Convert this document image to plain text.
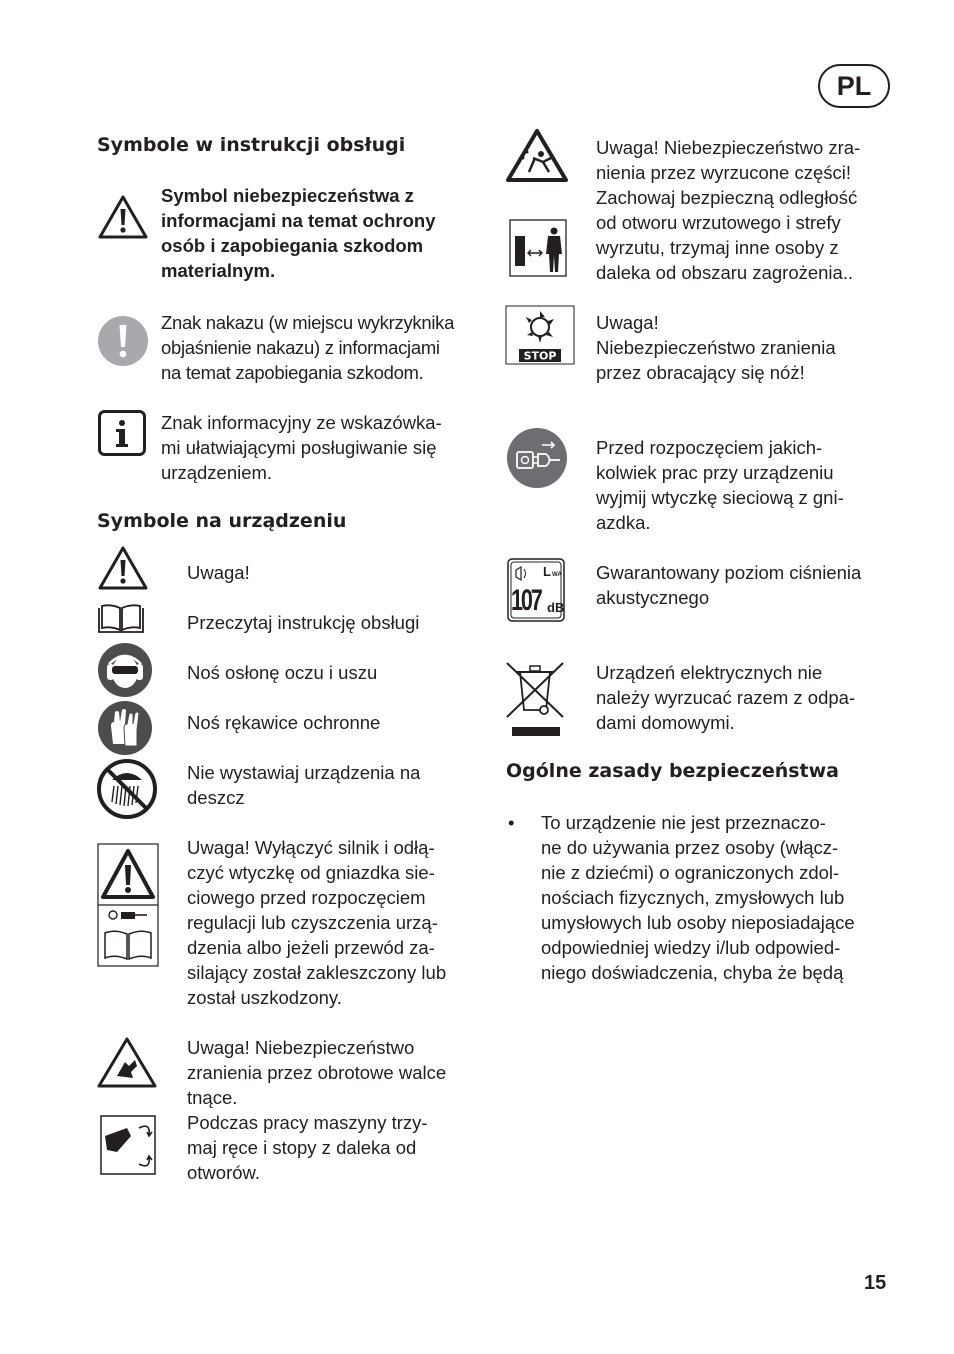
PL
Symbole w instrukcji obsługi
Symbol niebezpieczeństwa z
informacjami na temat ochrony
osób i zapobiegania szkodom
materialnym.
Znak nakazu (w miejscu wykrzyknika
objaśnienie nakazu) z informacjami
na temat zapobiegania szkodom.
Znak informacyjny ze wskazówka-
mi ułatwiającymi posługiwanie się
urządzeniem.
Symbole na urządzeniu
Uwaga!
Przeczytaj instrukcję obsługi
Noś osłonę oczu i uszu
Noś rękawice ochronne
Nie wystawiaj urządzenia na
deszcz
Uwaga! Wyłączyć silnik i odłą-
czyć wtyczkę od gniazdka sie-
ciowego przed rozpoczęciem
regulacji lub czyszczenia urzą-
dzenia albo jeżeli przewód za-
silający został zakleszczony lub
został uszkodzony.
Uwaga! Niebezpieczeństwo
zranienia przez obrotowe walce
tnące.
Podczas pracy maszyny trzy-
maj ręce i stopy z daleka od
otworów.
Uwaga! Niebezpieczeństwo zra-
nienia przez wyrzucone części!
Zachowaj bezpieczną odległość
od otworu wrzutowego i strefy
wyrzutu, trzymaj inne osoby z
daleka od obszaru zagrożenia..
STOP
Uwaga!
Niebezpieczeństwo zranienia
przez obracający się nóż!
Przed rozpoczęciem jakich-
kolwiek prac przy urządzeniu
wyjmij wtyczkę sieciową z gni-
azdka.
L WA
107 dB
Gwarantowany poziom ciśnienia
akustycznego
Urządzeń elektrycznych nie
należy wyrzucać razem z odpa-
dami domowymi.
Ogólne zasady bezpieczeństwa
• To urządzenie nie jest przeznaczo-
ne do używania przez osoby (włącz-
nie z dziećmi) o ograniczonych zdol-
nościach fizycznych, zmysłowych lub
umysłowych lub osoby nieposiadające
odpowiedniej wiedzy i/lub odpowied-
niego doświadczenia, chyba że będą
15
